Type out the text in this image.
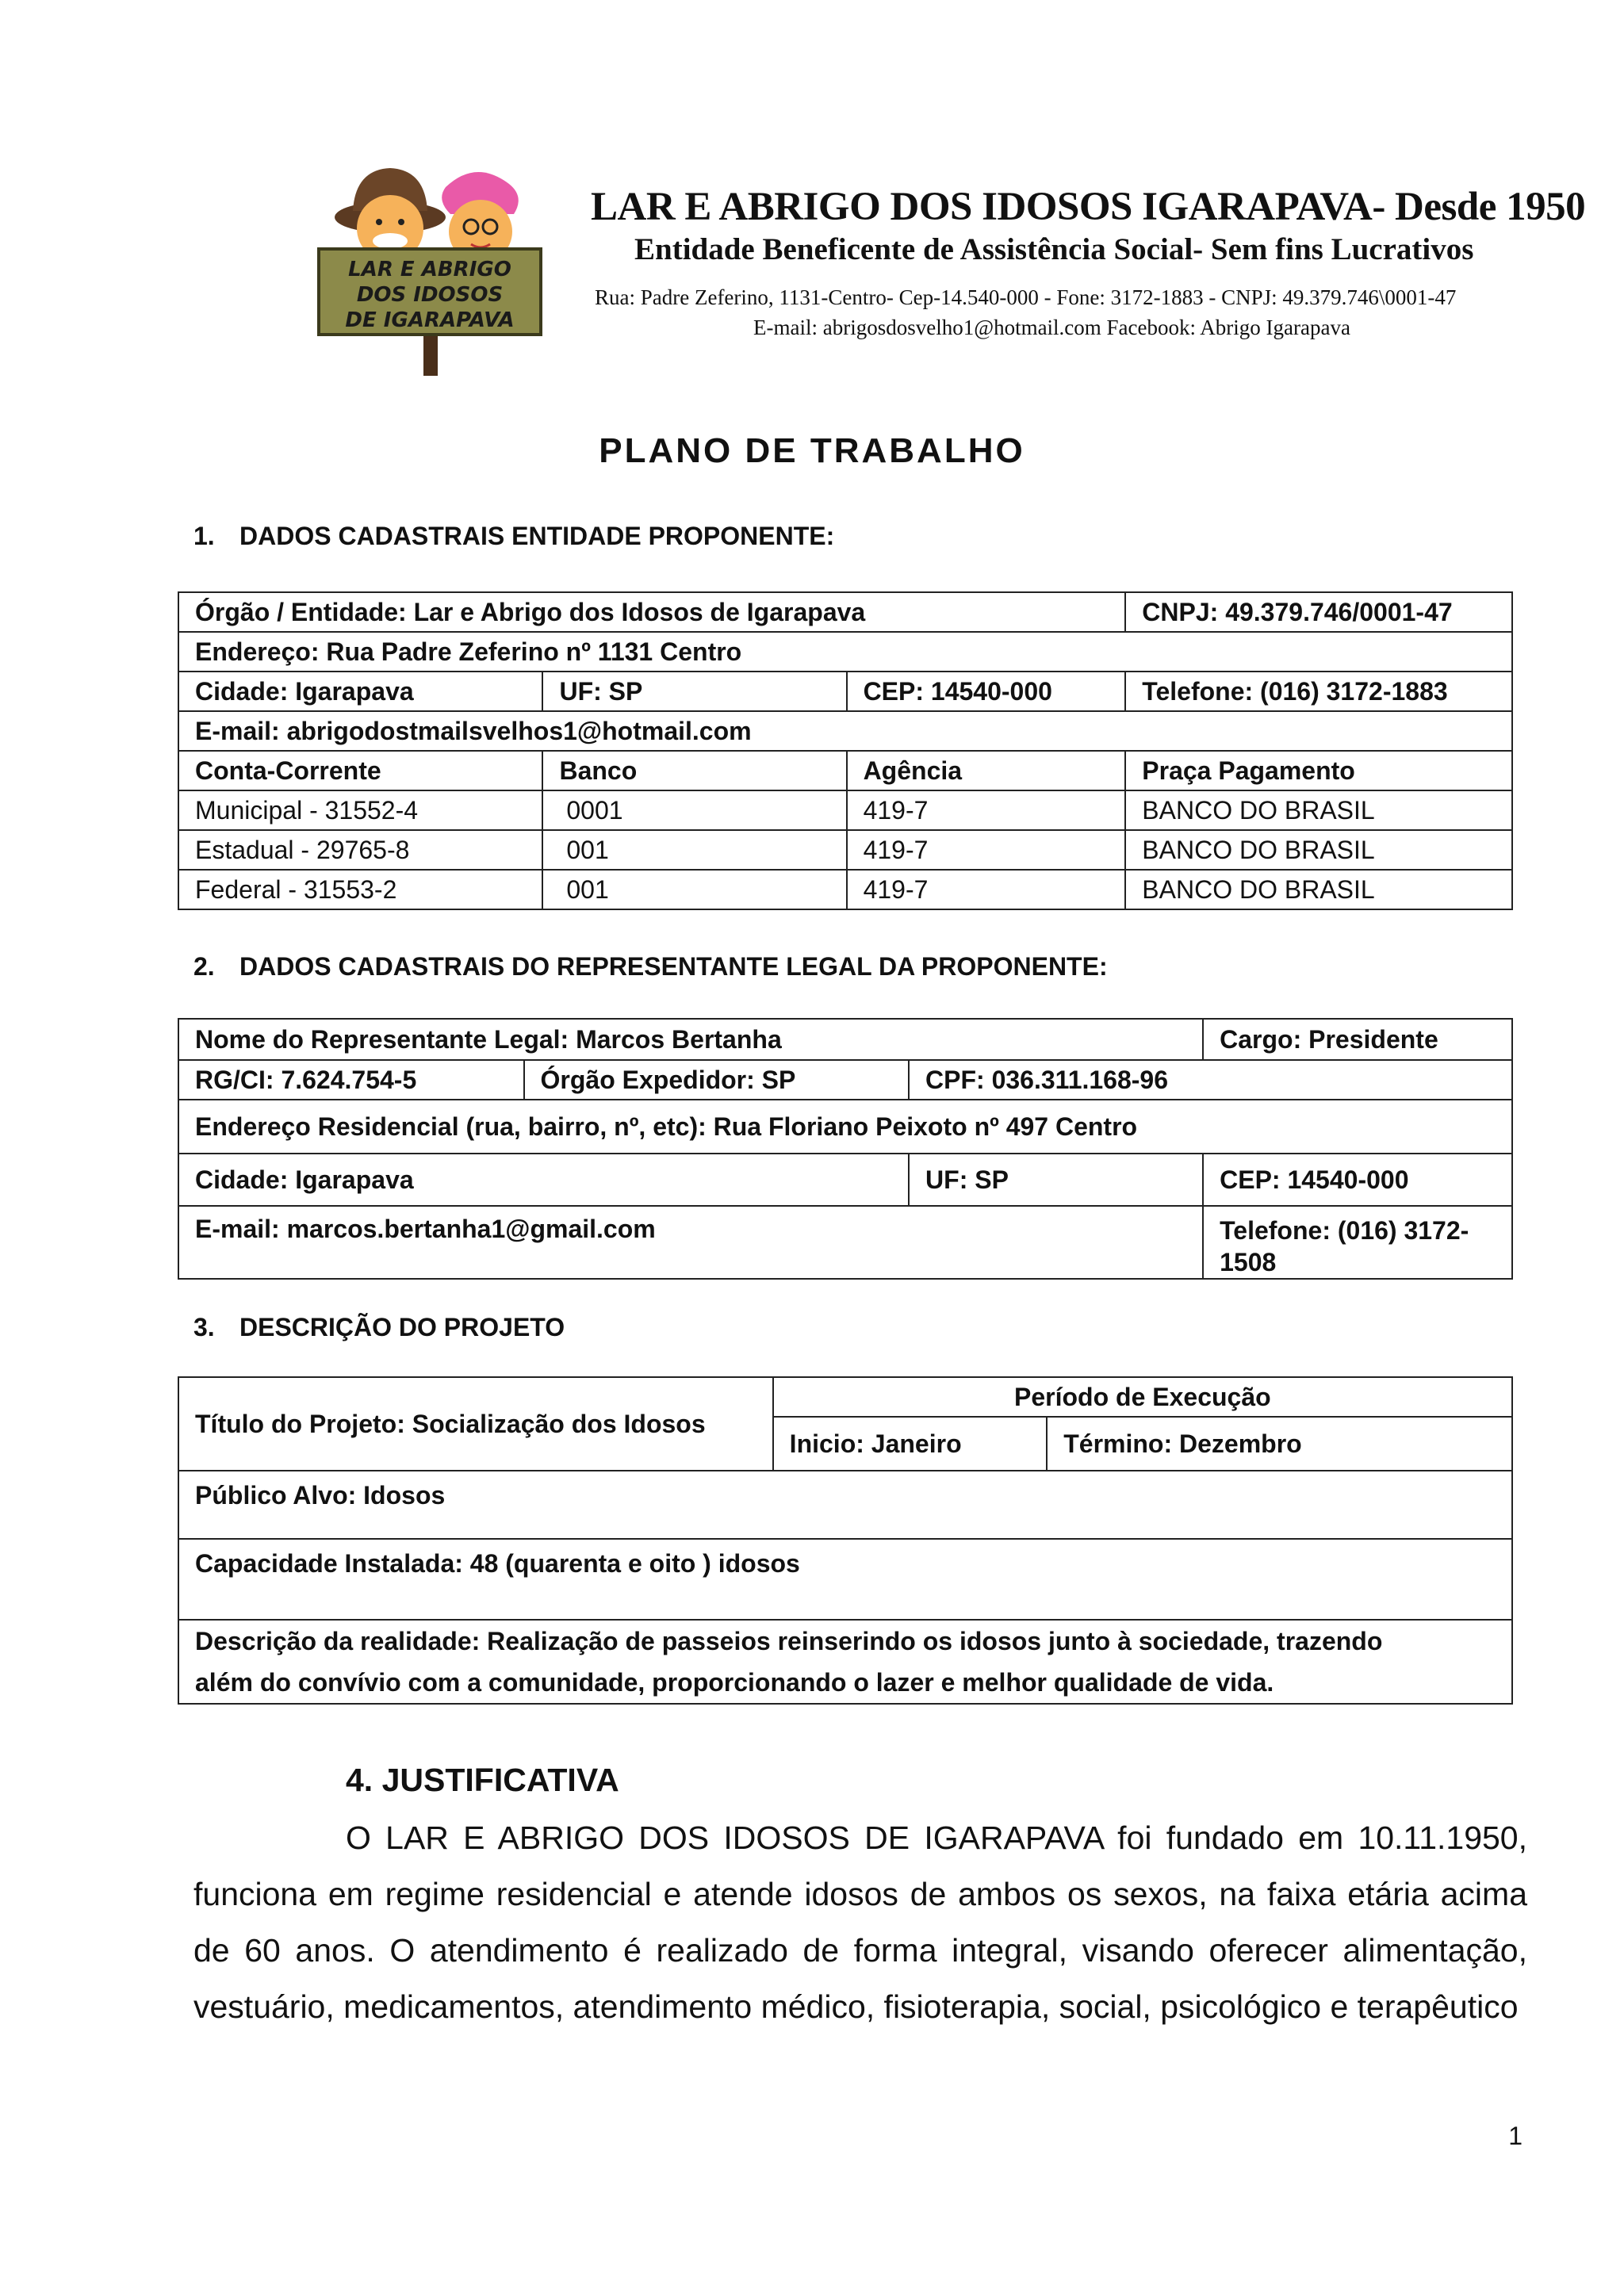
LAR E ABRIGO
DOS IDOSOS
DE IGARAPAVA
LAR E ABRIGO DOS IDOSOS IGARAPAVA- Desde 1950
Entidade Beneficente de Assistência Social- Sem fins Lucrativos
Rua: Padre Zeferino, 1131-Centro- Cep-14.540-000 - Fone: 3172-1883 - CNPJ: 49.379.746\0001-47
E-mail: abrigosdosvelho1@hotmail.com Facebook: Abrigo Igarapava
PLANO DE TRABALHO
1. DADOS CADASTRAIS ENTIDADE PROPONENTE:
Órgão / Entidade: Lar e Abrigo dos Idosos de Igarapava			CNPJ: 49.379.746/0001-47
Endereço: Rua Padre Zeferino nº 1131 Centro			
Cidade: Igarapava	UF: SP	CEP: 14540-000	Telefone: (016) 3172-1883
E-mail: abrigodostmailsvelhos1@hotmail.com			
Conta-Corrente	Banco	Agência	Praça Pagamento
Municipal - 31552-4	0001	419-7	BANCO DO BRASIL
Estadual - 29765-8	001	419-7	BANCO DO BRASIL
Federal - 31553-2	001	419-7	BANCO DO BRASIL
2. DADOS CADASTRAIS DO REPRESENTANTE LEGAL DA PROPONENTE:
Nome do Representante Legal: Marcos Bertanha			Cargo: Presidente
RG/CI: 7.624.754-5	Órgão Expedidor: SP	CPF: 036.311.168-96	
Endereço Residencial (rua, bairro, nº, etc): Rua Floriano Peixoto nº 497 Centro			
Cidade: Igarapava		UF: SP	CEP: 14540-000
E-mail: marcos.bertanha1@gmail.com			Telefone: (016) 3172-
1508
3. DESCRIÇÃO DO PROJETO
Título do Projeto: Socialização dos Idosos	Período de Execução	
	Inicio: Janeiro	Término: Dezembro
Público Alvo: Idosos		
Capacidade Instalada: 48 (quarenta e oito ) idosos		
Descrição da realidade: Realização de passeios reinserindo os idosos junto à sociedade, trazendo
além do convívio com a comunidade, proporcionando o lazer e melhor qualidade de vida.		
4. JUSTIFICATIVA
O LAR E ABRIGO DOS IDOSOS DE IGARAPAVA foi fundado em 10.11.1950, funciona em regime residencial e atende idosos de ambos os sexos, na faixa etária acima de 60 anos. O atendimento é realizado de forma integral, visando oferecer alimentação, vestuário, medicamentos, atendimento médico, fisioterapia, social, psicológico e terapêutico
1
